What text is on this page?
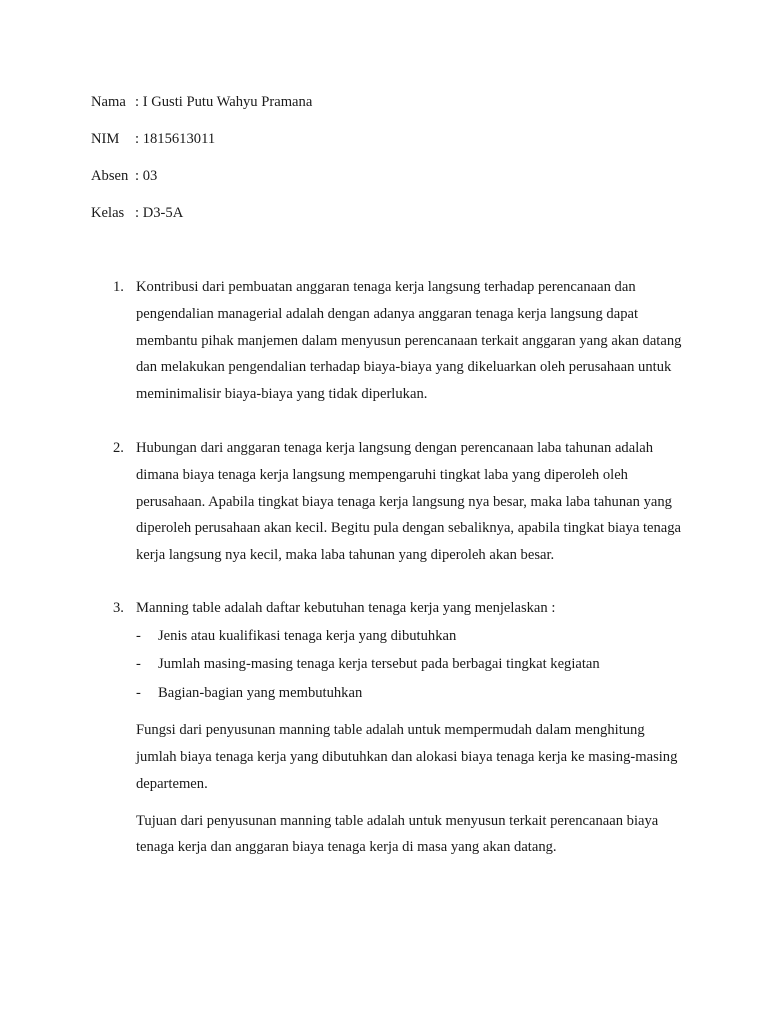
Nama : I Gusti Putu Wahyu Pramana
NIM : 1815613011
Absen : 03
Kelas : D3-5A
1. Kontribusi dari pembuatan anggaran tenaga kerja langsung terhadap perencanaan dan pengendalian managerial adalah dengan adanya anggaran tenaga kerja langsung dapat membantu pihak manjemen dalam menyusun perencanaan terkait anggaran yang akan datang dan melakukan pengendalian terhadap biaya-biaya yang dikeluarkan oleh perusahaan untuk meminimalisir biaya-biaya yang tidak diperlukan.
2. Hubungan dari anggaran tenaga kerja langsung dengan perencanaan laba tahunan adalah dimana biaya tenaga kerja langsung mempengaruhi tingkat laba yang diperoleh oleh perusahaan. Apabila tingkat biaya tenaga kerja langsung nya besar, maka laba tahunan yang diperoleh perusahaan akan kecil. Begitu pula dengan sebaliknya, apabila tingkat biaya tenaga kerja langsung nya kecil, maka laba tahunan yang diperoleh akan besar.
3. Manning table adalah daftar kebutuhan tenaga kerja yang menjelaskan :
- Jenis atau kualifikasi tenaga kerja yang dibutuhkan
- Jumlah masing-masing tenaga kerja tersebut pada berbagai tingkat kegiatan
- Bagian-bagian yang membutuhkan
Fungsi dari penyusunan manning table adalah untuk mempermudah dalam menghitung jumlah biaya tenaga kerja yang dibutuhkan dan alokasi biaya tenaga kerja ke masing-masing departemen.
Tujuan dari penyusunan manning table adalah untuk menyusun terkait perencanaan biaya tenaga kerja dan anggaran biaya tenaga kerja di masa yang akan datang.
